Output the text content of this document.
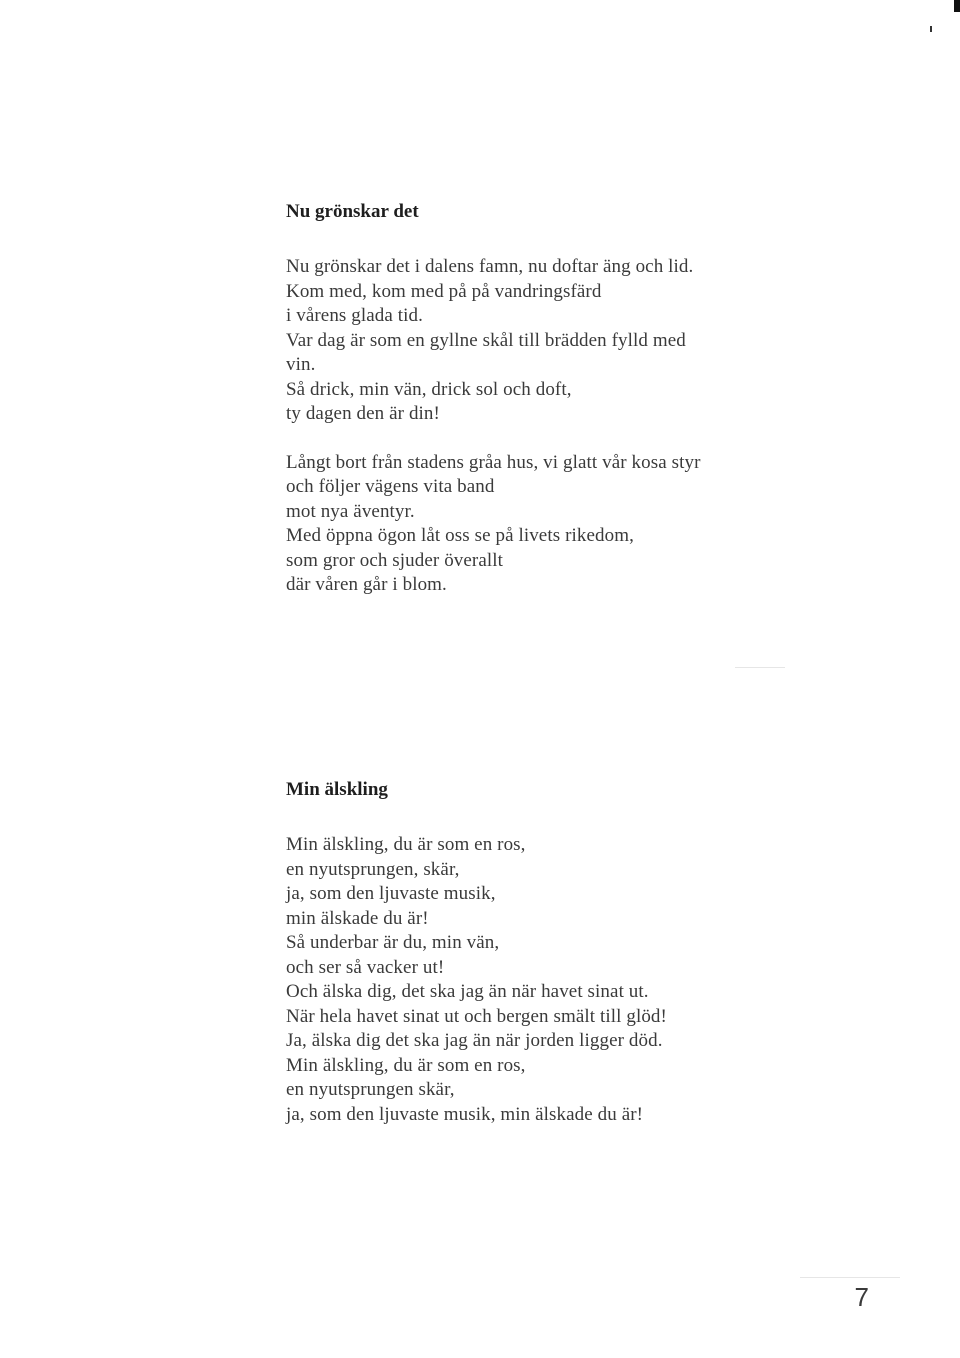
Nu grönskar det
Nu grönskar det i dalens famn, nu doftar äng och lid.
Kom med, kom med på på vandringsfärd
i vårens glada tid.
Var dag är som en gyllne skål till brädden fylld med
vin.
Så drick, min vän, drick sol och doft,
ty dagen den är din!
Långt bort från stadens gråa hus, vi glatt vår kosa styr
och följer vägens vita band
mot nya äventyr.
Med öppna ögon låt oss se på livets rikedom,
som gror och sjuder överallt
där våren går i blom.
Min älskling
Min älskling, du är som en ros,
en nyutsprungen, skär,
ja, som den ljuvaste musik,
min älskade du är!
Så underbar är du, min vän,
och ser så vacker ut!
Och älska dig, det ska jag än när havet sinat ut.
När hela havet sinat ut och bergen smält till glöd!
Ja, älska dig det ska jag än när jorden ligger död.
Min älskling, du är som en ros,
en nyutsprungen skär,
ja, som den ljuvaste musik, min älskade du är!
7
